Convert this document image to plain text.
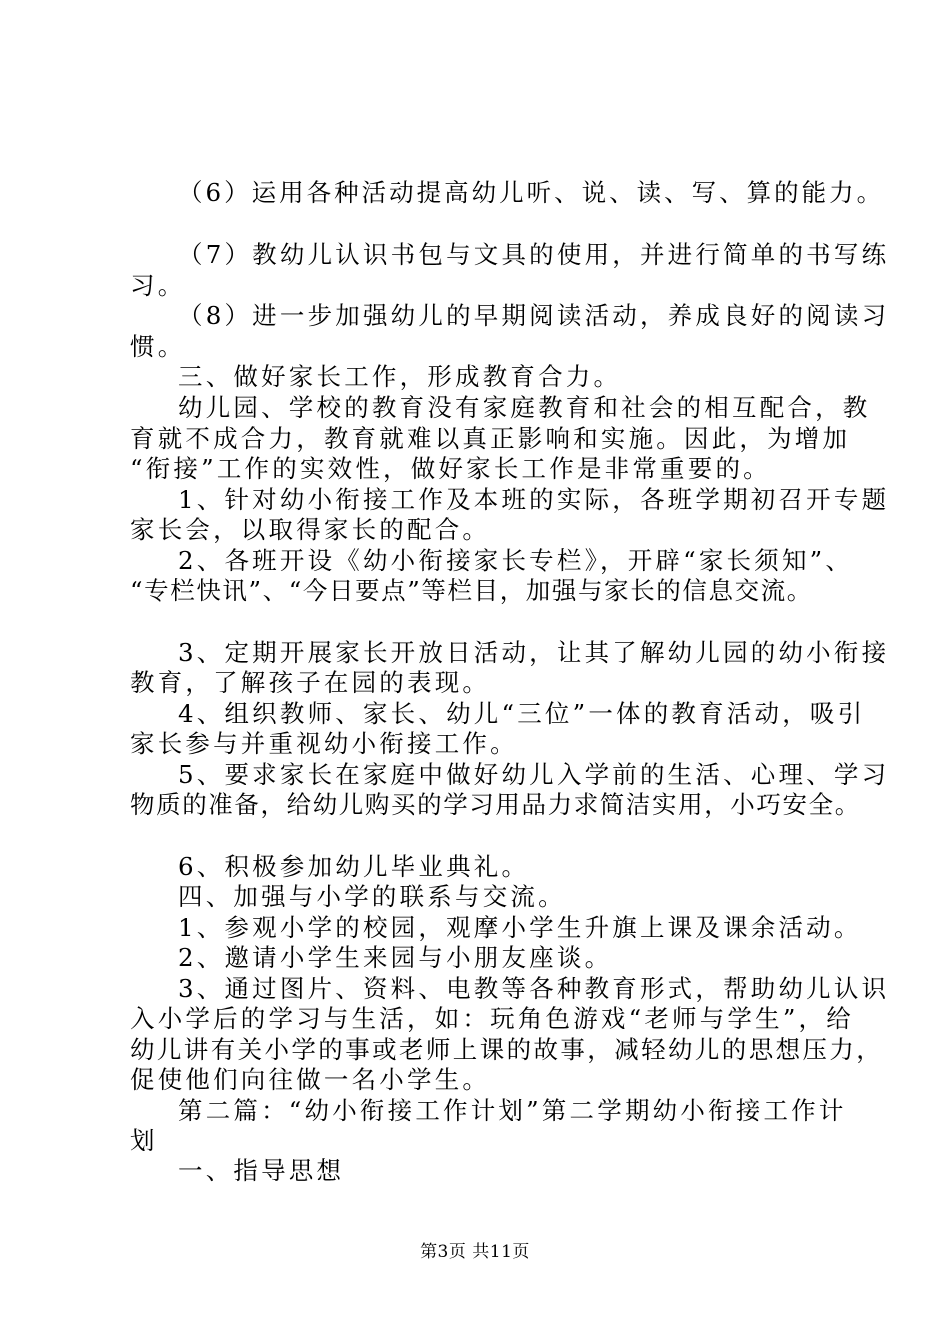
（6）运用各种活动提高幼儿听、说、读、写、算的能力。
（7）教幼儿认识书包与文具的使用，并进行简单的书写练
习。
（8）进一步加强幼儿的早期阅读活动，养成良好的阅读习
惯。
三、做好家长工作，形成教育合力。
幼儿园、学校的教育没有家庭教育和社会的相互配合，教
育就不成合力，教育就难以真正影响和实施。因此，为增加
“衔接”工作的实效性，做好家长工作是非常重要的。
1、针对幼小衔接工作及本班的实际，各班学期初召开专题
家长会，以取得家长的配合。
2、各班开设《幼小衔接家长专栏》，开辟“家长须知”、
“专栏快讯”、“今日要点”等栏目，加强与家长的信息交流。
3、定期开展家长开放日活动，让其了解幼儿园的幼小衔接
教育，了解孩子在园的表现。
4、组织教师、家长、幼儿“三位”一体的教育活动，吸引
家长参与并重视幼小衔接工作。
5、要求家长在家庭中做好幼儿入学前的生活、心理、学习
物质的准备，给幼儿购买的学习用品力求简洁实用，小巧安全。
6、积极参加幼儿毕业典礼。
四、加强与小学的联系与交流。
1、参观小学的校园，观摩小学生升旗上课及课余活动。
2、邀请小学生来园与小朋友座谈。
3、通过图片、资料、电教等各种教育形式，帮助幼儿认识
入小学后的学习与生活，如：玩角色游戏“老师与学生”，给
幼儿讲有关小学的事或老师上课的故事，减轻幼儿的思想压力，
促使他们向往做一名小学生。
第二篇：“幼小衔接工作计划”第二学期幼小衔接工作计
划
一、指导思想
第3页 共11页
